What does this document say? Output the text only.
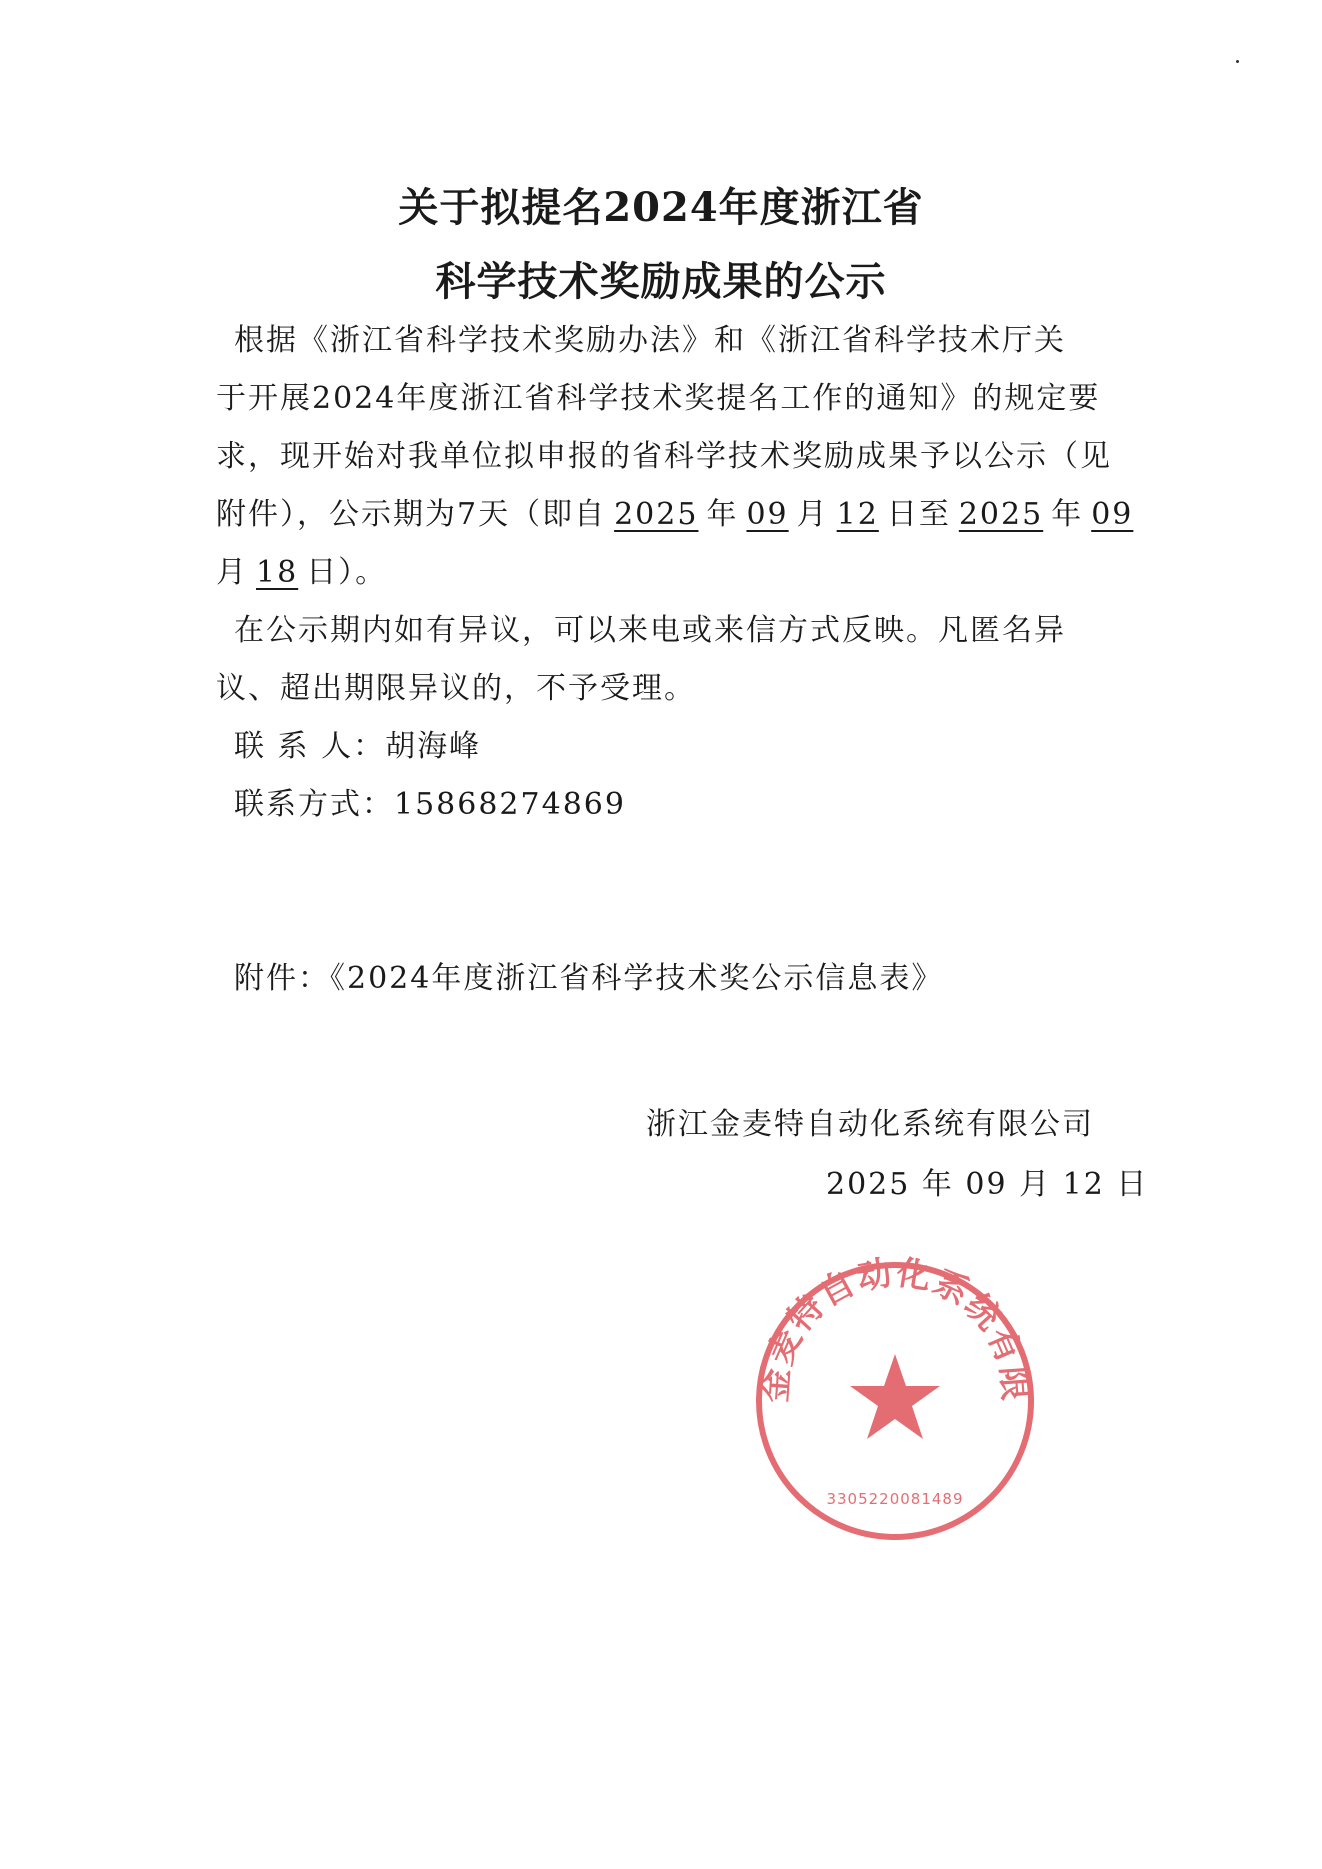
关于拟提名2024年度浙江省
科学技术奖励成果的公示
根据《浙江省科学技术奖励办法》和《浙江省科学技术厅关
于开展2024年度浙江省科学技术奖提名工作的通知》的规定要
求，现开始对我单位拟申报的省科学技术奖励成果予以公示（见
附件），公示期为7天（即自 2025 年 09 月 12 日至 2025 年 09
月 18 日）。
在公示期内如有异议，可以来电或来信方式反映。凡匿名异
议、超出期限异议的，不予受理。
联 系 人：胡海峰
联系方式：15868274869
附件：《2024年度浙江省科学技术奖公示信息表》
浙江金麦特自动化系统有限公司
3305220081489
浙江金麦特自动化系统有限公司
2025 年 09 月 12 日
